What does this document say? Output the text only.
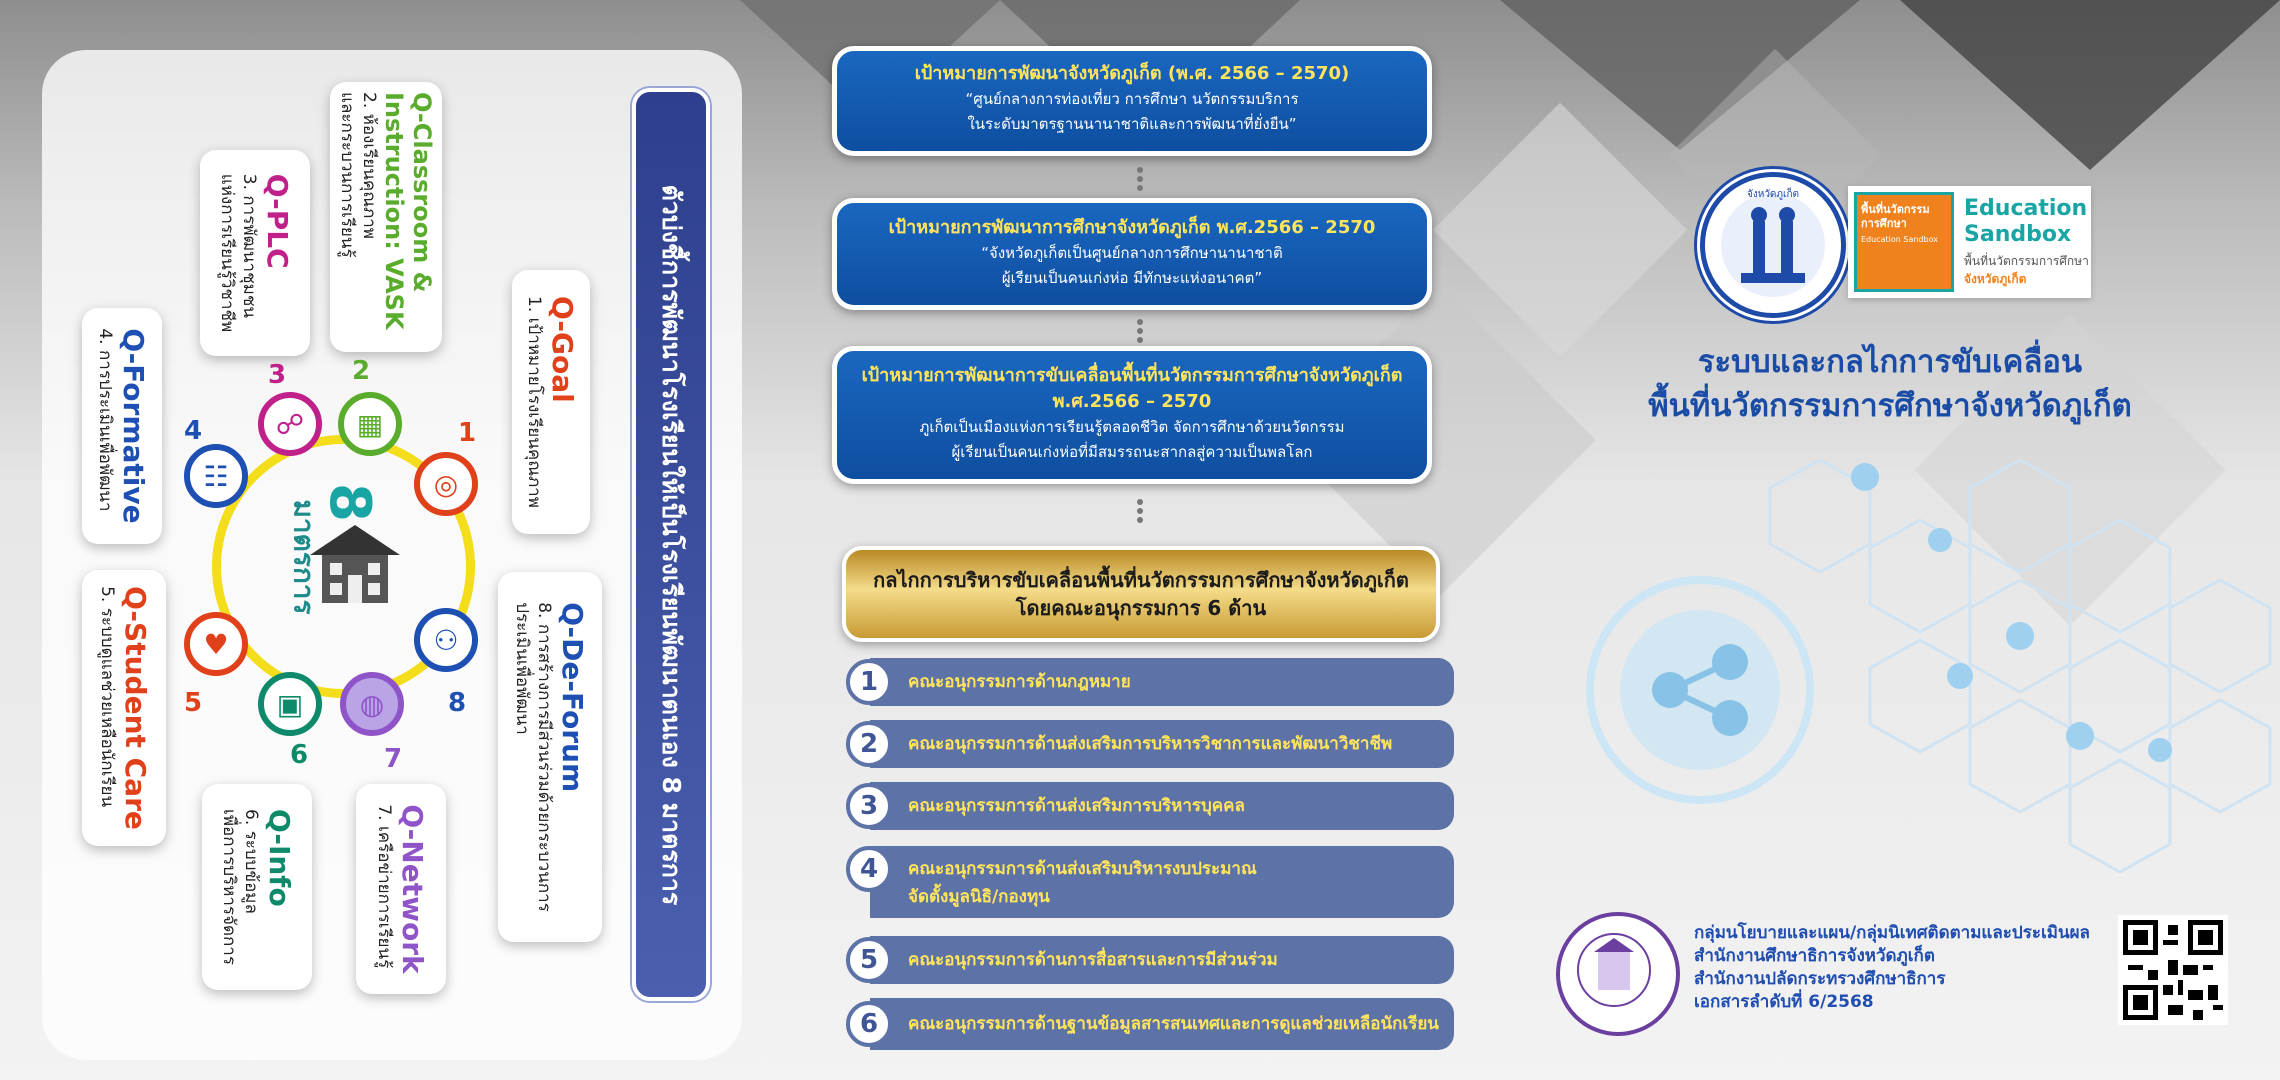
ตัวบ่งชี้การพัฒนาโรงเรียนให้เป็นโรงเรียนพัฒนาตนเอง 8 มาตรการ
Q-Goal
1. เป้าหมายโรงเรียนคุณภาพ
Q-De-Forum
8. การสร้างการมีส่วนร่วมด้วยกระบวนการ
ประเมินเพื่อพัฒนา
Q-Classroom & Instruction: VASK
2. ห้องเรียนคุณภาพ
และกระบวนการเรียนรู้
Q-PLC
3. การพัฒนาชุมชน
แห่งการเรียนรู้วิชาชีพ
Q-Formative
4. การประเมินเพื่อพัฒนา
Q-Student Care
5. ระบบดูแลช่วยเหลือนักเรียน
Q-Info
6. ระบบข้อมูล
เพื่อการบริหารจัดการ	Q-Network
7. เครือข่ายการเรียนรู้
8
มาตรการ
◎
1
▦
2
☍
3
☷
4
♥
5	▣
6
◍
7
⚇
8
เป้าหมายการพัฒนาจังหวัดภูเก็ต (พ.ศ. 2566 – 2570)
“ศูนย์กลางการท่องเที่ยว การศึกษา นวัตกรรมบริการ
ในระดับมาตรฐานนานาชาติและการพัฒนาที่ยั่งยืน”
เป้าหมายการพัฒนาการศึกษาจังหวัดภูเก็ต พ.ศ.2566 – 2570
“จังหวัดภูเก็ตเป็นศูนย์กลางการศึกษานานาชาติ
ผู้เรียนเป็นคนเก่งห่อ มีทักษะแห่งอนาคต”
เป้าหมายการพัฒนาการขับเคลื่อนพื้นที่นวัตกรรมการศึกษาจังหวัดภูเก็ต
พ.ศ.2566 – 2570
ภูเก็ตเป็นเมืองแห่งการเรียนรู้ตลอดชีวิต จัดการศึกษาด้วยนวัตกรรม
ผู้เรียนเป็นคนเก่งห่อที่มีสมรรถนะสากลสู่ความเป็นพลโลก
กลไกการบริหารขับเคลื่อนพื้นที่นวัตกรรมการศึกษาจังหวัดภูเก็ต
โดยคณะอนุกรรมการ 6 ด้าน
1	คณะอนุกรรมการด้านกฎหมาย
2	คณะอนุกรรมการด้านส่งเสริมการบริหารวิชาการและพัฒนาวิชาชีพ
3	คณะอนุกรรมการด้านส่งเสริมการบริหารบุคคล
4	คณะอนุกรรมการด้านส่งเสริมบริหารงบประมาณ
จัดตั้งมูลนิธิ/กองทุน
5	คณะอนุกรรมการด้านการสื่อสารและการมีส่วนร่วม
6	คณะอนุกรรมการด้านฐานข้อมูลสารสนเทศและการดูแลช่วยเหลือนักเรียน
จังหวัดภูเก็ต
พื้นที่นวัตกรรมการศึกษา
Education Sandbox
Education
Sandbox
พื้นที่นวัตกรรมการศึกษา
จังหวัดภูเก็ต
ระบบและกลไกการขับเคลื่อน
พื้นที่นวัตกรรมการศึกษาจังหวัดภูเก็ต
กลุ่มนโยบายและแผน/กลุ่มนิเทศติดตามและประเมินผล
สำนักงานศึกษาธิการจังหวัดภูเก็ต
สำนักงานปลัดกระทรวงศึกษาธิการ
เอกสารลำดับที่ 6/2568
